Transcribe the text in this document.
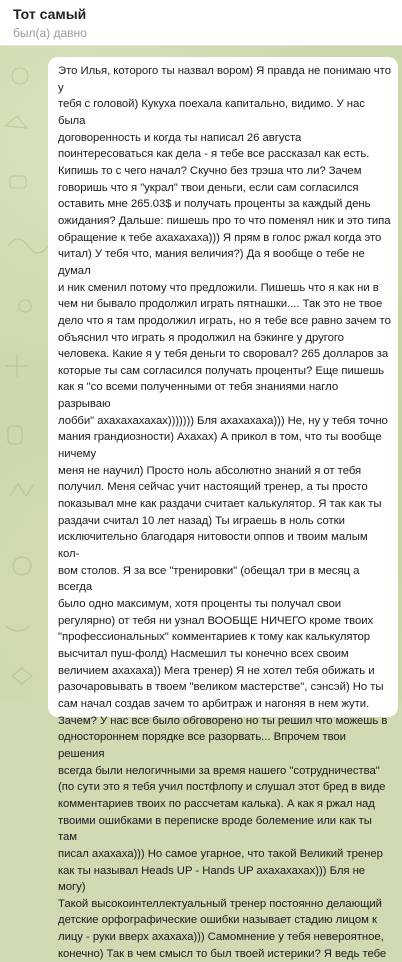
Тот самый
был(а) давно
Это Илья, которого ты назвал вором) Я правда не понимаю что у
тебя с головой) Кукуха поехала капитально, видимо. У нас была
договоренность и когда ты написал 26 августа
поинтересоваться как дела - я тебе все рассказал как есть.
Кипишь то с чего начал? Скучно без трэша что ли? Зачем
говоришь что я "украл" твои деньги, если сам согласился
оставить мне 265.03$ и получать проценты за каждый день
ожидания? Дальше: пишешь про то что поменял ник и это типа
обращение к тебе ахахахаха))) Я прям в голос ржал когда это
читал) У тебя что, мания величия?) Да я вообще о тебе не думал
и ник сменил потому что предложили. Пишешь что я как ни в
чем ни бывало продолжил играть пятнашки.... Так это не твое
дело что я там продолжил играть, но я тебе все равно зачем то
объяснил что играть я продолжил на бэкинге у другого
человека. Какие я у тебя деньги то своровал? 265 долларов за
которые ты сам согласился получать проценты? Еще пишешь
как я "со всеми полученными от тебя знаниями нагло разрываю
лобби" ахахахахахах))))))) Бля ахахахаха))) Не, ну у тебя точно
мания грандиозности) Ахахах) А прикол в том, что ты вообще ничему
меня не научил) Просто ноль абсолютно знаний я от тебя
получил. Меня сейчас учит настоящий тренер, а ты просто
показывал мне как раздачи считает калькулятор. Я так как ты
раздачи считал 10 лет назад) Ты играешь в ноль сотки
исключительно благодаря нитовости оппов и твоим малым кол-
вом столов. Я за все "тренировки" (обещал три в месяц а всегда
было одно максимум, хотя проценты ты получал свои
регулярно) от тебя ни узнал ВООБЩЕ НИЧЕГО кроме твоих
"профессиональных" комментариев к тому как калькулятор
высчитал пуш-фолд) Насмешил ты конечно всех своим
величием ахахаха)) Мега тренер) Я не хотел тебя обижать и
разочаровывать в твоем "великом мастерстве", сэнсэй) Но ты
сам начал создав зачем то арбитраж и нагоняя в нем жути.
Зачем? У нас все было обговорено но ты решил что можешь в
одностороннем порядке все разорвать... Впрочем твои решения
всегда были нелогичными за время нашего "сотрудничества"
(по сути это я тебя учил постфлопу и слушал этот бред в виде
комментариев твоих по рассчетам калька). А как я ржал над
твоими ошибками в переписке вроде болемение или как ты там
писал ахахаха))) Но самое угарное, что такой Великий тренер
как ты называл Heads UP - Hands UP ахахахахах))) Бля не могу)
Такой высокоинтеллектуальный тренер постоянно делающий
детские орфографические ошибки называет стадию лицом к
лицу - руки вверх ахахаха))) Самомнение у тебя невероятное,
конечно) Так в чем смысл то был твоей истерики? Я ведь тебе
